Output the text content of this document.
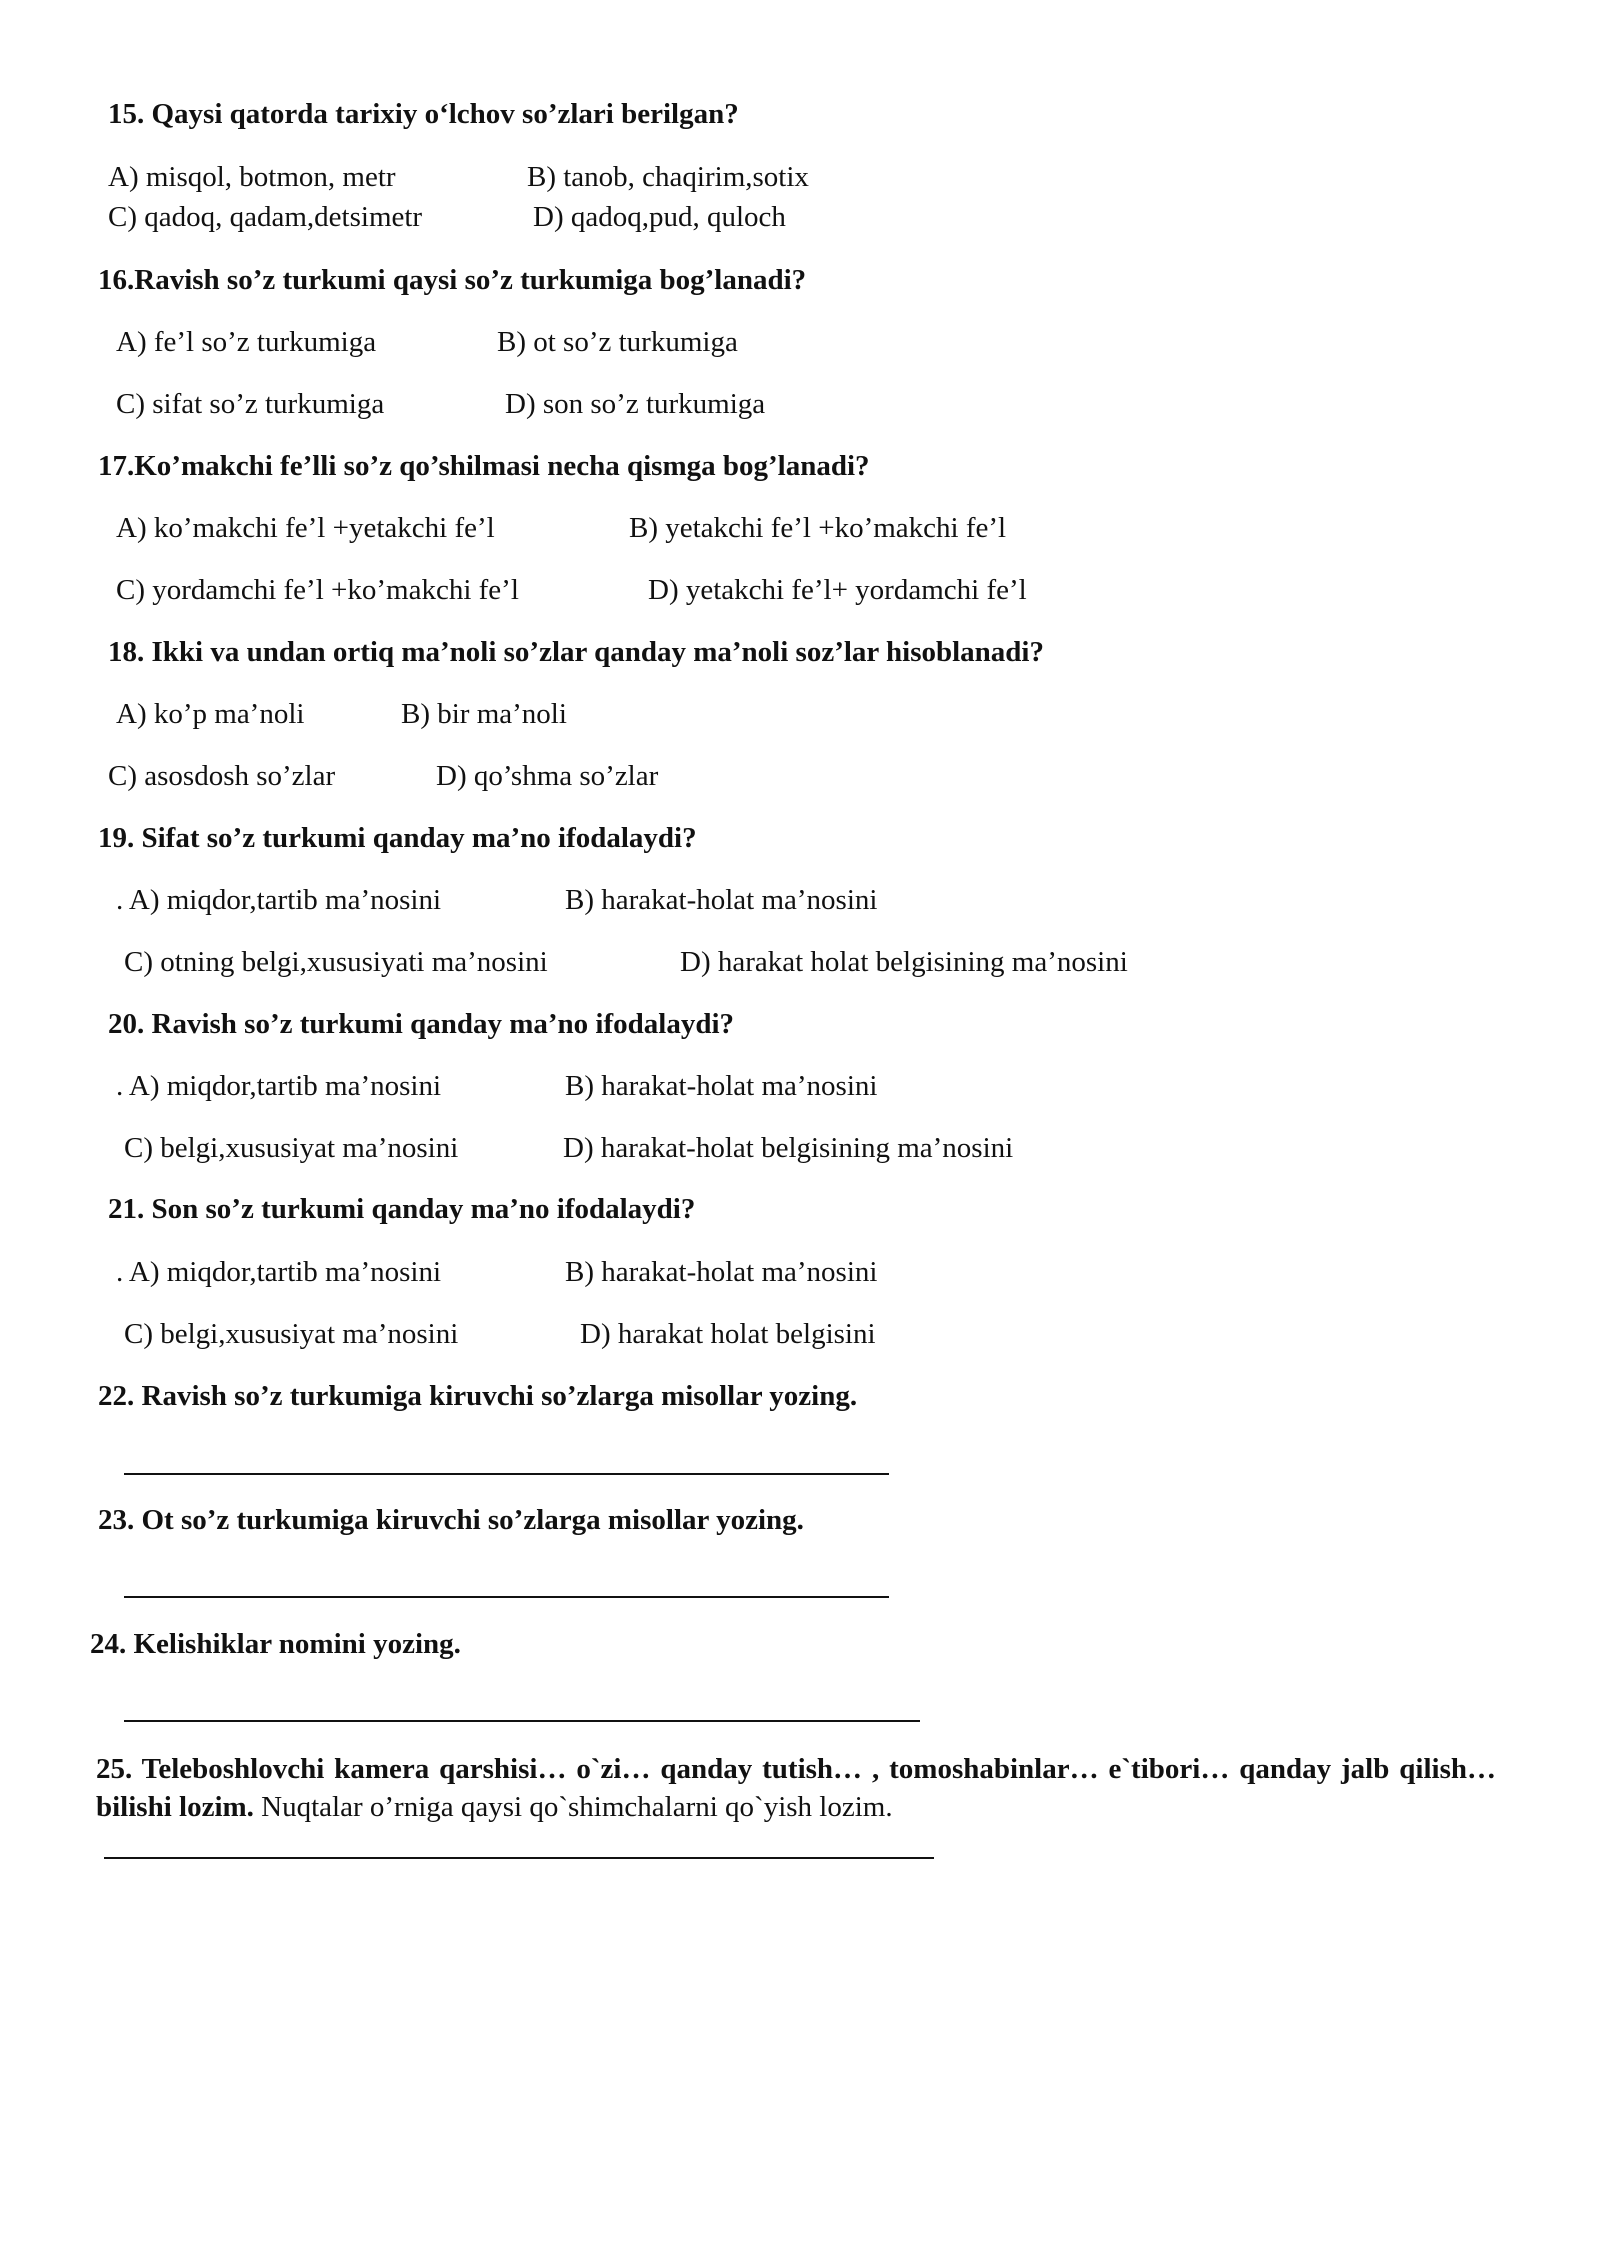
15. Qaysi qatorda tarixiy o‘lchov so’zlari berilgan?
A) misqol, botmon, metr	B) tanob, chaqirim,sotix
C) qadoq, qadam,detsimetr	D) qadoq,pud, quloch
16.Ravish so’z turkumi qaysi so’z turkumiga bog’lanadi?
A) fe’l so’z turkumiga	B) ot so’z turkumiga
C) sifat so’z turkumiga	D) son so’z turkumiga
17.Ko’makchi fe’lli so’z qo’shilmasi necha qismga bog’lanadi?
A) ko’makchi fe’l +yetakchi fe’l	B) yetakchi fe’l +ko’makchi fe’l
C) yordamchi fe’l +ko’makchi fe’l	D) yetakchi fe’l+ yordamchi fe’l
18. Ikki va undan ortiq ma’noli so’zlar qanday ma’noli soz’lar hisoblanadi?
A) ko’p ma’noli	B) bir ma’noli
C) asosdosh so’zlar	D) qo’shma so’zlar
19. Sifat so’z turkumi qanday ma’no ifodalaydi?
. A) miqdor,tartib ma’nosini	B) harakat-holat ma’nosini
C) otning belgi,xususiyati ma’nosini	D) harakat holat belgisining ma’nosini
20. Ravish so’z turkumi qanday ma’no ifodalaydi?
. A) miqdor,tartib ma’nosini	B) harakat-holat ma’nosini
C) belgi,xususiyat ma’nosini	D) harakat-holat belgisining ma’nosini
21. Son so’z turkumi qanday ma’no ifodalaydi?
. A) miqdor,tartib ma’nosini	B) harakat-holat ma’nosini
C) belgi,xususiyat ma’nosini	D) harakat holat belgisini
22. Ravish so’z turkumiga kiruvchi so’zlarga misollar yozing.
23. Ot so’z turkumiga kiruvchi so’zlarga misollar yozing.
24. Kelishiklar nomini yozing.
25. Teleboshlovchi kamera qarshisi… o`zi… qanday tutish… , tomoshabinlar… e`tibori… qanday jalb qilish… bilishi lozim. Nuqtalar o’rniga qaysi qo`shimchalarni qo`yish lozim.
